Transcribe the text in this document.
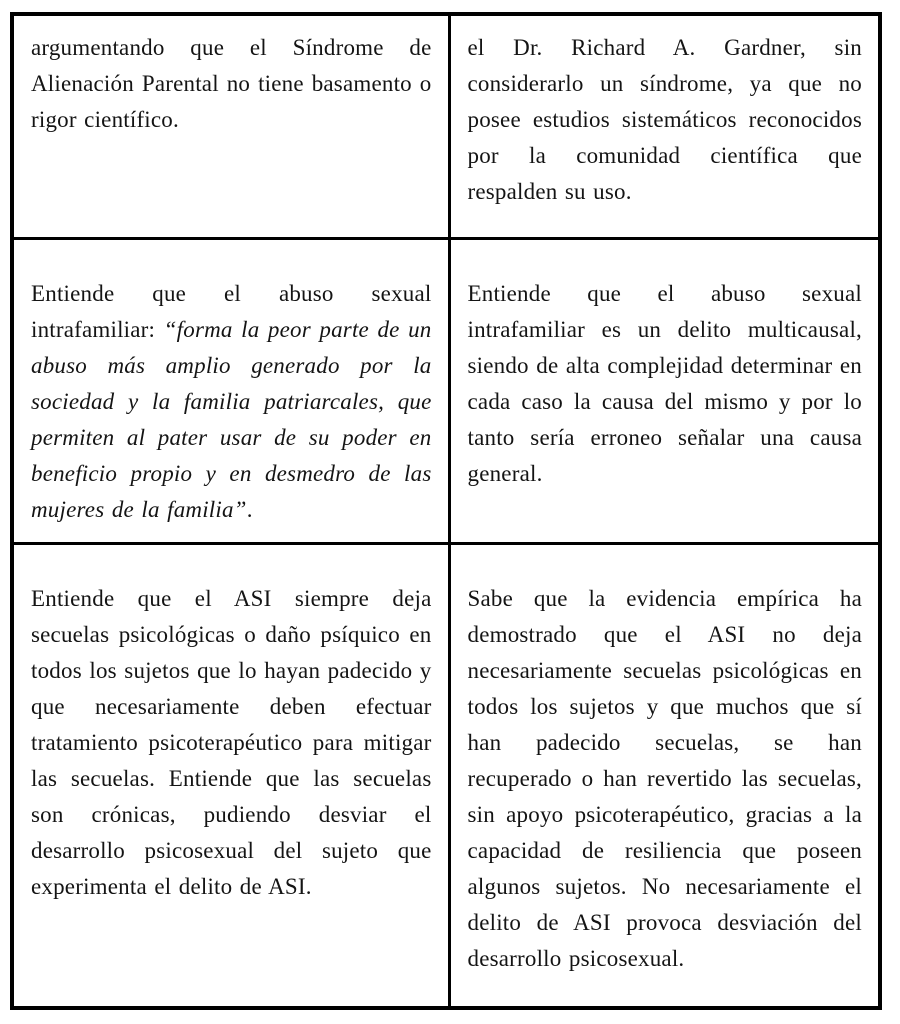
argumentando que el Síndrome de Alienación Parental no tiene basamento o rigor científico.	el Dr. Richard A. Gardner, sin considerarlo un síndrome, ya que no posee estudios sistemáticos reconocidos por la comunidad científica que respalden su uso.
Entiende que el abuso sexual intrafamiliar: “forma la peor parte de un abuso más amplio generado por la sociedad y la familia patriarcales, que permiten al pater usar de su poder en beneficio propio y en desmedro de las mujeres de la familia”.	Entiende que el abuso sexual intrafamiliar es un delito multicausal, siendo de alta complejidad determinar en cada caso la causa del mismo y por lo tanto sería erroneo señalar una causa general.
Entiende que el ASI siempre deja secuelas psicológicas o daño psíquico en todos los sujetos que lo hayan padecido y que necesariamente deben efectuar tratamiento psicoterapéutico para mitigar las secuelas. Entiende que las secuelas son crónicas, pudiendo desviar el desarrollo psicosexual del sujeto que experimenta el delito de ASI.	Sabe que la evidencia empírica ha demostrado que el ASI no deja necesariamente secuelas psicológicas en todos los sujetos y que muchos que sí han padecido secuelas, se han recuperado o han revertido las secuelas, sin apoyo psicoterapéutico, gracias a la capacidad de resiliencia que poseen algunos sujetos. No necesariamente el delito de ASI provoca desviación del desarrollo psicosexual.
